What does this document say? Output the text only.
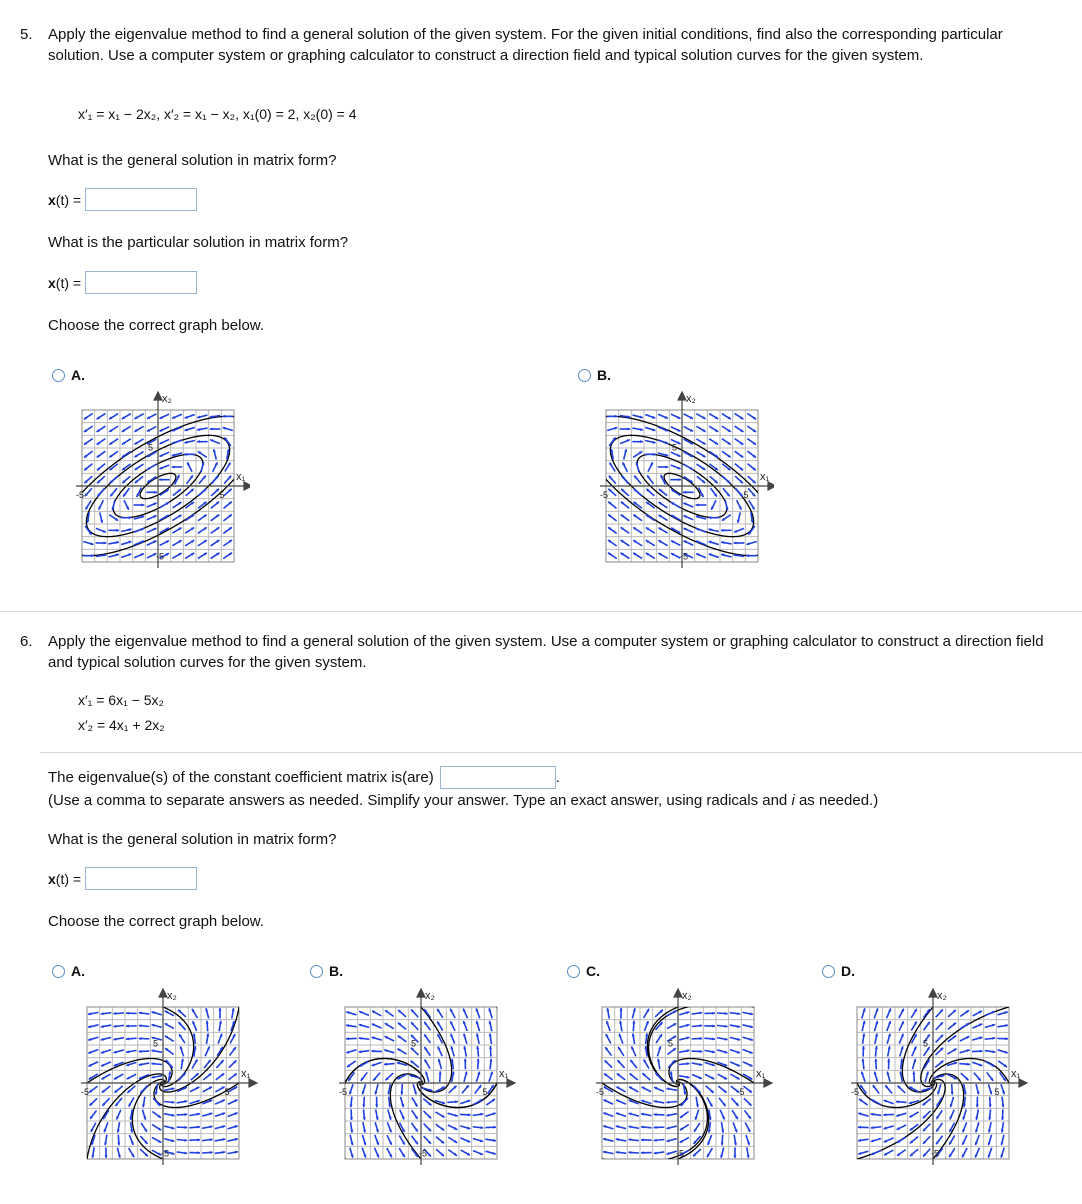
5. Apply the eigenvalue method to find a general solution of the given system. For the given initial conditions, find also the corresponding particular solution. Use a computer system or graphing calculator to construct a direction field and typical solution curves for the given system.
x′₁ = x₁ − 2x₂, x′₂ = x₁ − x₂, x₁(0) = 2, x₂(0) = 4
What is the general solution in matrix form?
x(t) =
What is the particular solution in matrix form?
x(t) =
Choose the correct graph below.
A.
x₂
x₁
5
5
-5
-5
B.
x₂
x₁
5
5
-5
-5
6. Apply the eigenvalue method to find a general solution of the given system. Use a computer system or graphing calculator to construct a direction field and typical solution curves for the given system.
x′₁ = 6x₁ − 5x₂
x′₂ = 4x₁ + 2x₂
The eigenvalue(s) of the constant coefficient matrix is(are)	.
(Use a comma to separate answers as needed. Simplify your answer. Type an exact answer, using radicals and i as needed.)
What is the general solution in matrix form?
x(t) =
Choose the correct graph below.
A.
x₂
x₁
5
5
-5
-5
B.
x₂
x₁
5
5
-5
-5
C.
x₂
x₁
5
5
-5
-5
D.
x₂
x₁
5
5
-5
-5
